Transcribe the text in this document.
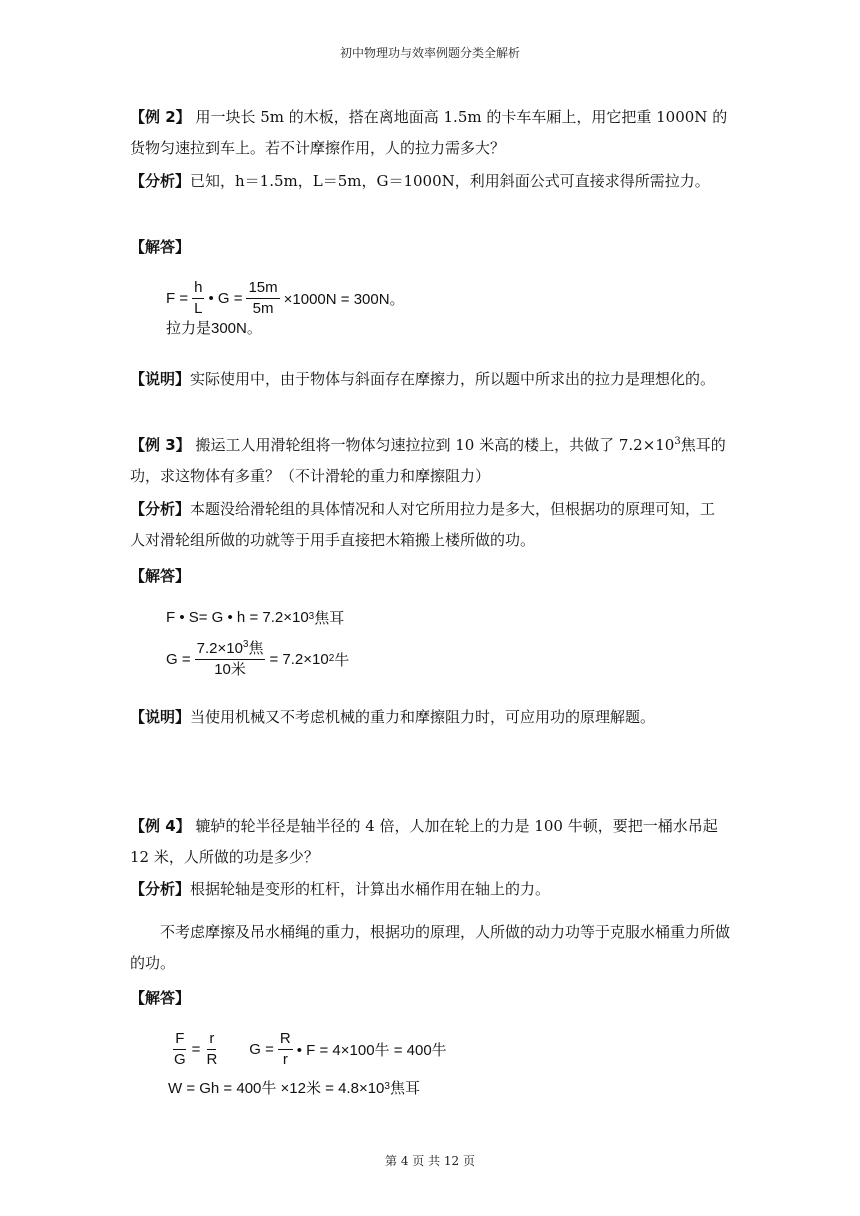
初中物理功与效率例题分类全解析
【例 2】 用一块长 5m 的木板，搭在离地面高 1.5m 的卡车车厢上，用它把重 1000N 的货物匀速拉到车上。若不计摩擦作用，人的拉力需多大？
【分析】已知，h＝1.5m，L＝5m，G＝1000N，利用斜面公式可直接求得所需拉力。
【解答】
$F = \frac{h}{L}$ • $G = \frac{15m}{5m} \times 1000N = 300N$。
拉力是300N。
【说明】实际使用中，由于物体与斜面存在摩擦力，所以题中所求出的拉力是理想化的。
【例 3】 搬运工人用滑轮组将一物体匀速拉拉到 10 米高的楼上，共做了 $7.2\times 10^3$焦耳的功，求这物体有多重？（不计滑轮的重力和摩擦阻力）
【分析】本题没给滑轮组的具体情况和人对它所用拉力是多大，但根据功的原理可知，工人对滑轮组所做的功就等于用手直接把木箱搬上楼所做的功。
【解答】
F • S= G • h = 7.2×10 3 焦耳
$G = \frac{7.2\times 10^3焦}{\text{10米}} = 7.2\times 10$ 2 牛
【说明】当使用机械又不考虑机械的重力和摩擦阻力时，可应用功的原理解题。
【例 4】 辘轳的轮半径是轴半径的 4 倍，人加在轮上的力是 100 牛顿，要把一桶水吊起 12 米，人所做的功是多少？
【分析】根据轮轴是变形的杠杆，计算出水桶作用在轴上的力。
不考虑摩擦及吊水桶绳的重力，根据功的原理，人所做的动力功等于克服水桶重力所做的功。
【解答】
$\frac{F}{G} = \frac{r}{R}$ $G = \frac{R}{r}$ • F = 4×100牛 = 400牛
W = Gh = 400牛 ×12米 = 4.8×10 3 焦耳
第 4 页 共 12 页
